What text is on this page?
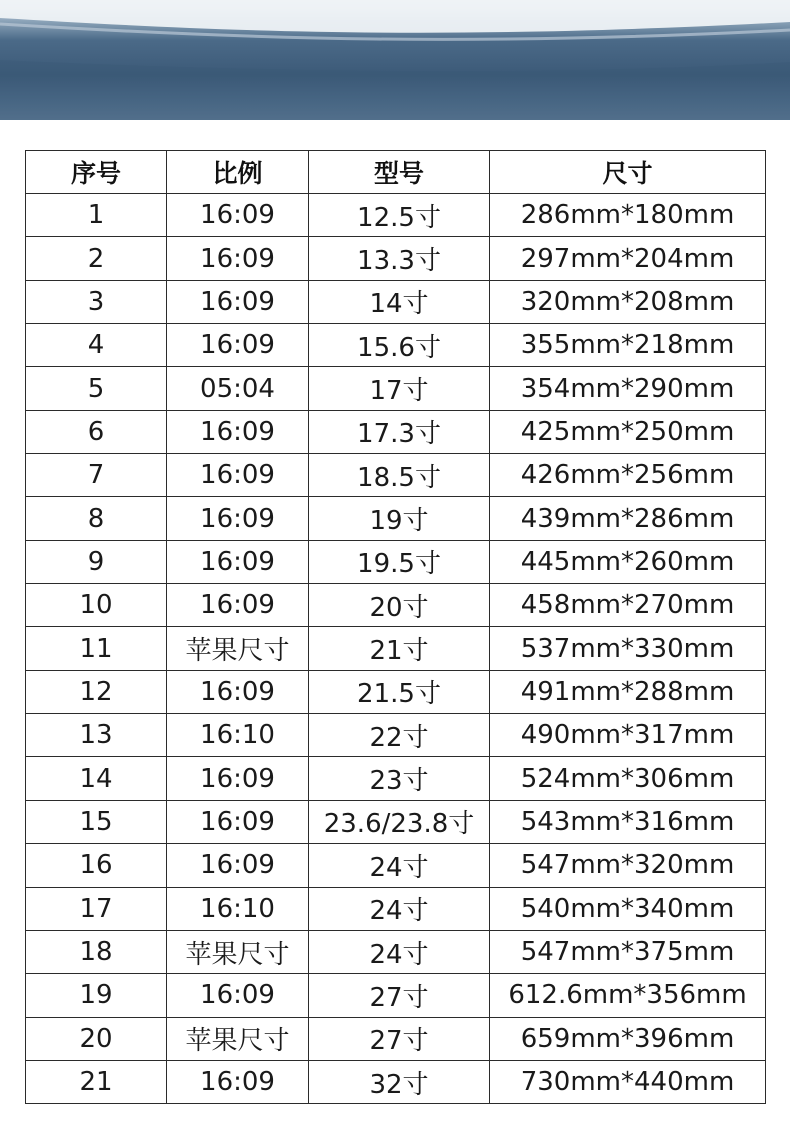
序号	比例	型号	尺寸
1	16:09	12.5寸	286mm*180mm
2	16:09	13.3寸	297mm*204mm
3	16:09	14寸	320mm*208mm
4	16:09	15.6寸	355mm*218mm
5	05:04	17寸	354mm*290mm
6	16:09	17.3寸	425mm*250mm
7	16:09	18.5寸	426mm*256mm
8	16:09	19寸	439mm*286mm
9	16:09	19.5寸	445mm*260mm
10	16:09	20寸	458mm*270mm
11	苹果尺寸	21寸	537mm*330mm
12	16:09	21.5寸	491mm*288mm
13	16:10	22寸	490mm*317mm
14	16:09	23寸	524mm*306mm
15	16:09	23.6/23.8寸	543mm*316mm
16	16:09	24寸	547mm*320mm
17	16:10	24寸	540mm*340mm
18	苹果尺寸	24寸	547mm*375mm
19	16:09	27寸	612.6mm*356mm
20	苹果尺寸	27寸	659mm*396mm
21	16:09	32寸	730mm*440mm
